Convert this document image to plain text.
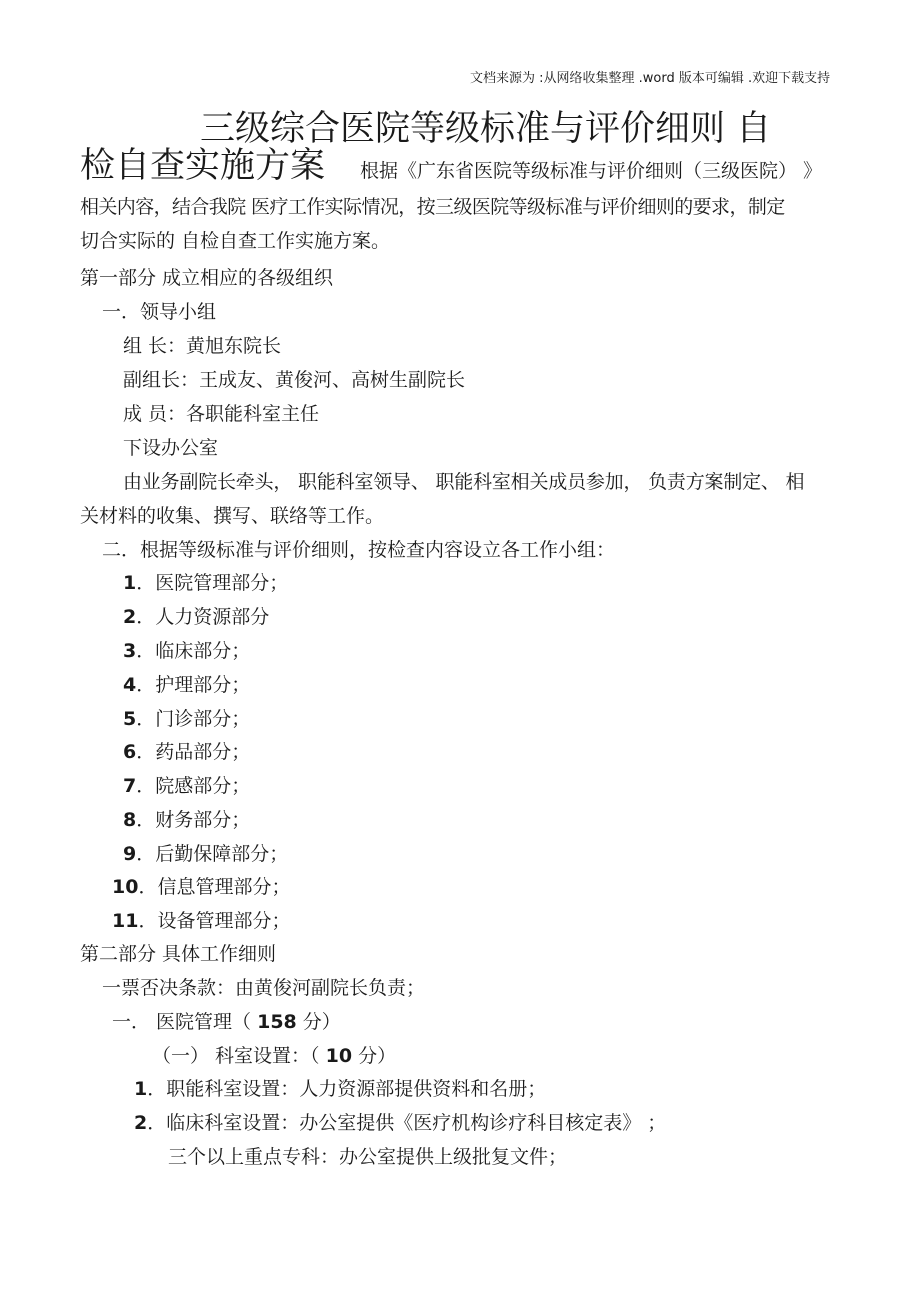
文档来源为 :从网络收集整理 .word 版本可编辑 .欢迎下载支持
三级综合医院等级标准与评价细则 自
检自查实施方案 根据《广东省医院等级标准与评价细则（三级医院） 》
相关内容，结合我院 医疗工作实际情况，按三级医院等级标准与评价细则的要求，制定
切合实际的 自检自查工作实施方案。
第一部分 成立相应的各级组织
一．领导小组
组 长：黄旭东院长
副组长：王成友、黄俊河、高树生副院长
成 员：各职能科室主任
下设办公室
由业务副院长牵头， 职能科室领导、 职能科室相关成员参加， 负责方案制定、 相
关材料的收集、撰写、联络等工作。
二．根据等级标准与评价细则，按检查内容设立各工作小组：
1．医院管理部分；
2．人力资源部分
3．临床部分；
4．护理部分；
5．门诊部分；
6．药品部分；
7．院感部分；
8．财务部分；
9．后勤保障部分；
10．信息管理部分；
11．设备管理部分；
第二部分 具体工作细则
一票否决条款：由黄俊河副院长负责；
一． 医院管理（ 158 分）
（一） 科室设置：（ 10 分）
1．职能科室设置：人力资源部提供资料和名册；
2．临床科室设置：办公室提供《医疗机构诊疗科目核定表》 ；
三个以上重点专科：办公室提供上级批复文件；
